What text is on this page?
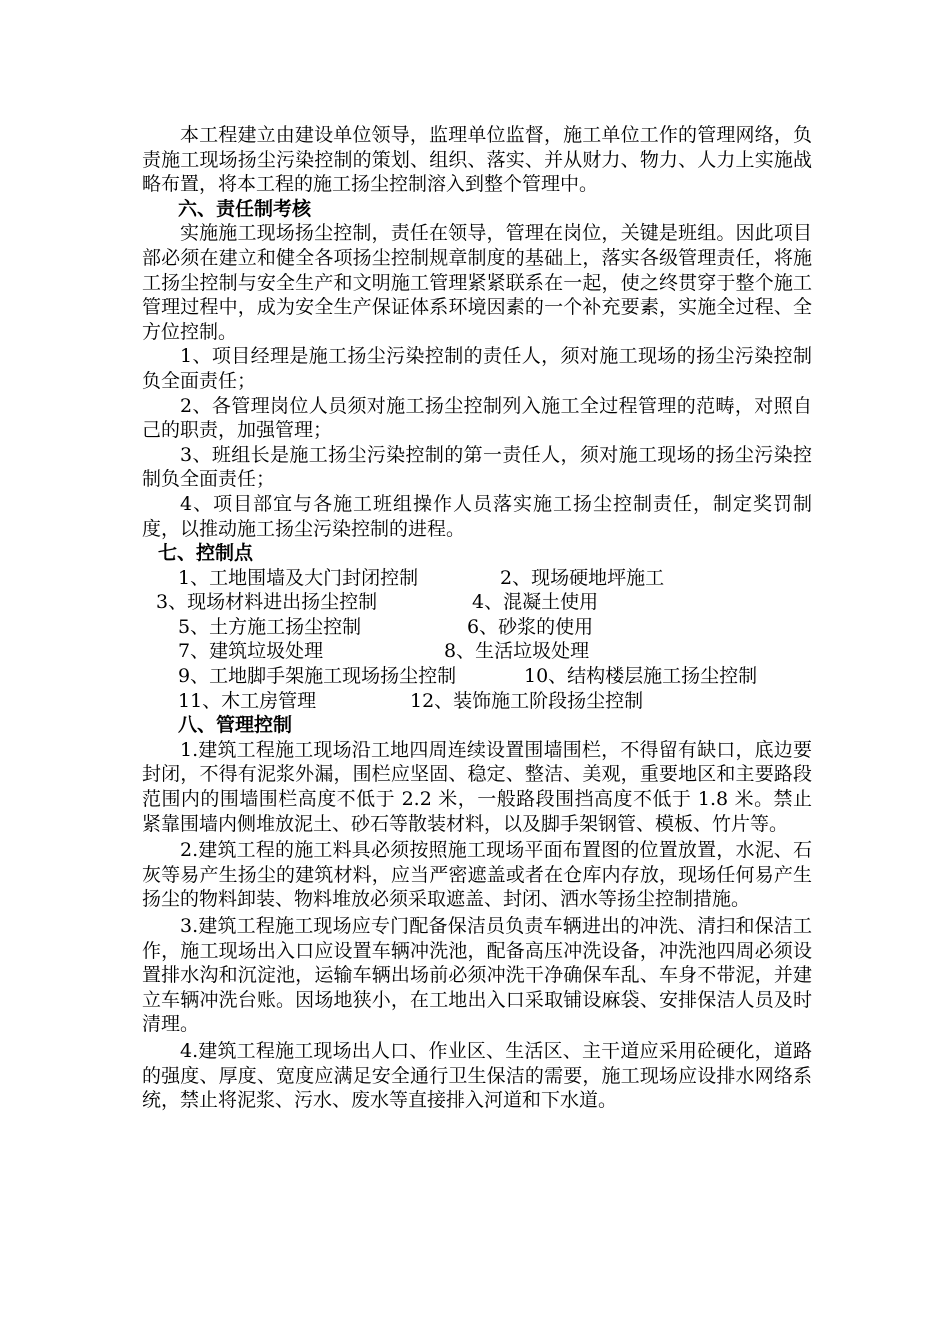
本工程建立由建设单位领导，监理单位监督，施工单位工作的管理网络，负责施工现场扬尘污染控制的策划、组织、落实、并从财力、物力、人力上实施战略布置，将本工程的施工扬尘控制溶入到整个管理中。

六、责任制考核

实施施工现场扬尘控制，责任在领导，管理在岗位，关键是班组。因此项目部必须在建立和健全各项扬尘控制规章制度的基础上，落实各级管理责任，将施工扬尘控制与安全生产和文明施工管理紧紧联系在一起，使之终贯穿于整个施工管理过程中，成为安全生产保证体系环境因素的一个补充要素，实施全过程、全方位控制。

1、项目经理是施工扬尘污染控制的责任人，须对施工现场的扬尘污染控制负全面责任；

2、各管理岗位人员须对施工扬尘控制列入施工全过程管理的范畴，对照自己的职责，加强管理；

3、班组长是施工扬尘污染控制的第一责任人，须对施工现场的扬尘污染控制负全面责任；

4、项目部宜与各施工班组操作人员落实施工扬尘控制责任，制定奖罚制度，以推动施工扬尘污染控制的进程。

七、控制点
1、工地围墙及大门封闭控制	2、现场硬地坪施工
3、现场材料进出扬尘控制	4、混凝土使用
5、土方施工扬尘控制	6、砂浆的使用
7、建筑垃圾处理	8、生活垃圾处理
9、工地脚手架施工现场扬尘控制	10、结构楼层施工扬尘控制
11、木工房管理	12、装饰施工阶段扬尘控制
八、管理控制

1.建筑工程施工现场沿工地四周连续设置围墙围栏，不得留有缺口，底边要封闭，不得有泥浆外漏，围栏应坚固、稳定、整洁、美观，重要地区和主要路段范围内的围墙围栏高度不低于 2.2 米，一般路段围挡高度不低于 1.8 米。禁止紧靠围墙内侧堆放泥土、砂石等散装材料，以及脚手架钢管、模板、竹片等。

2.建筑工程的施工料具必须按照施工现场平面布置图的位置放置，水泥、石灰等易产生扬尘的建筑材料，应当严密遮盖或者在仓库内存放，现场任何易产生扬尘的物料卸装、物料堆放必须采取遮盖、封闭、洒水等扬尘控制措施。

3.建筑工程施工现场应专门配备保洁员负责车辆进出的冲洗、清扫和保洁工作，施工现场出入口应设置车辆冲洗池，配备高压冲洗设备，冲洗池四周必须设置排水沟和沉淀池，运输车辆出场前必须冲洗干净确保车乱、车身不带泥，并建立车辆冲洗台账。因场地狭小，在工地出入口采取铺设麻袋、安排保洁人员及时清理。

4.建筑工程施工现场出人口、作业区、生活区、主干道应采用砼硬化，道路的强度、厚度、宽度应满足安全通行卫生保洁的需要，施工现场应设排水网络系统，禁止将泥浆、污水、废水等直接排入河道和下水道。
